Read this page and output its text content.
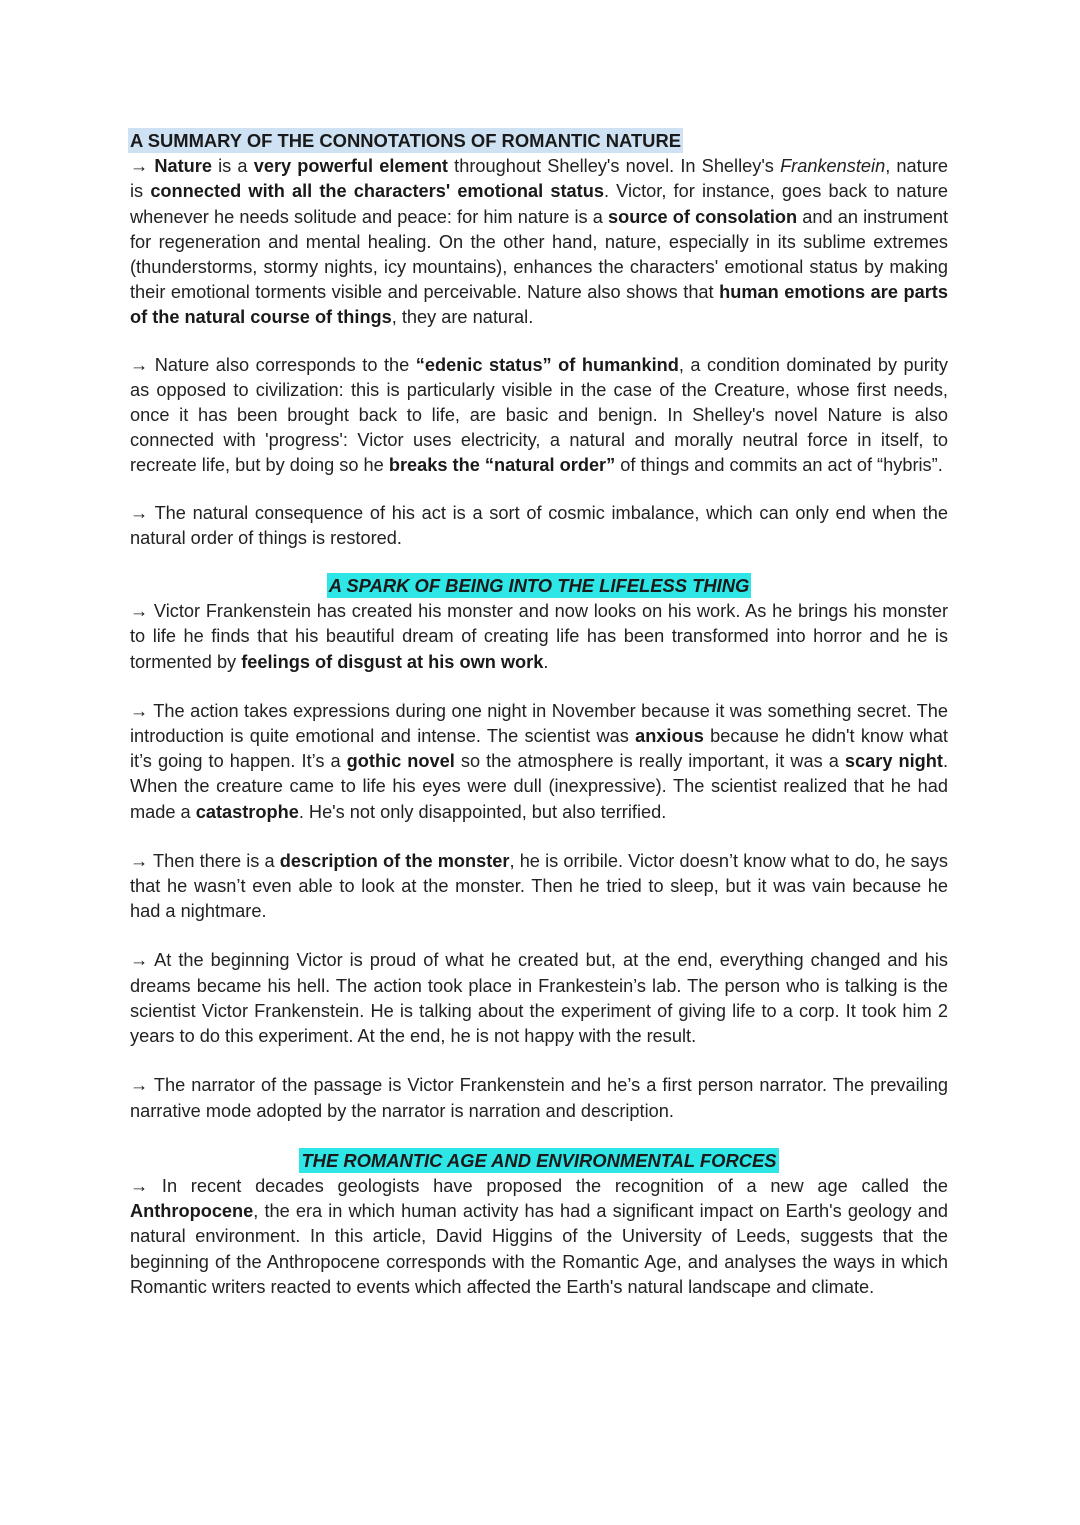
A SUMMARY OF THE CONNOTATIONS OF ROMANTIC NATURE

→ Nature is a very powerful element throughout Shelley's novel. In Shelley's Frankenstein, nature is connected with all the characters' emotional status. Victor, for instance, goes back to nature whenever he needs solitude and peace: for him nature is a source of consolation and an instrument for regeneration and mental healing. On the other hand, nature, especially in its sublime extremes (thunderstorms, stormy nights, icy mountains), enhances the characters' emotional status by making their emotional torments visible and perceivable. Nature also shows that human emotions are parts of the natural course of things, they are natural.

→ Nature also corresponds to the “edenic status” of humankind, a condition dominated by purity as opposed to civilization: this is particularly visible in the case of the Creature, whose first needs, once it has been brought back to life, are basic and benign. In Shelley's novel Nature is also connected with 'progress': Victor uses electricity, a natural and morally neutral force in itself, to recreate life, but by doing so he breaks the “natural order” of things and commits an act of “hybris”.

→ The natural consequence of his act is a sort of cosmic imbalance, which can only end when the natural order of things is restored.

A SPARK OF BEING INTO THE LIFELESS THING

→ Victor Frankenstein has created his monster and now looks on his work. As he brings his monster to life he finds that his beautiful dream of creating life has been transformed into horror and he is tormented by feelings of disgust at his own work.

→ The action takes expressions during one night in November because it was something secret. The introduction is quite emotional and intense. The scientist was anxious because he didn't know what it’s going to happen. It’s a gothic novel so the atmosphere is really important, it was a scary night. When the creature came to life his eyes were dull (inexpressive). The scientist realized that he had made a catastrophe. He's not only disappointed, but also terrified.

→ Then there is a description of the monster, he is orribile. Victor doesn’t know what to do, he says that he wasn’t even able to look at the monster. Then he tried to sleep, but it was vain because he had a nightmare.

→ At the beginning Victor is proud of what he created but, at the end, everything changed and his dreams became his hell. The action took place in Frankestein’s lab. The person who is talking is the scientist Victor Frankenstein. He is talking about the experiment of giving life to a corp. It took him 2 years to do this experiment. At the end, he is not happy with the result.

→ The narrator of the passage is Victor Frankenstein and he’s a first person narrator. The prevailing narrative mode adopted by the narrator is narration and description.

THE ROMANTIC AGE AND ENVIRONMENTAL FORCES

→ In recent decades geologists have proposed the recognition of a new age called the Anthropocene, the era in which human activity has had a significant impact on Earth's geology and natural environment. In this article, David Higgins of the University of Leeds, suggests that the beginning of the Anthropocene corresponds with the Romantic Age, and analyses the ways in which Romantic writers reacted to events which affected the Earth's natural landscape and climate.
